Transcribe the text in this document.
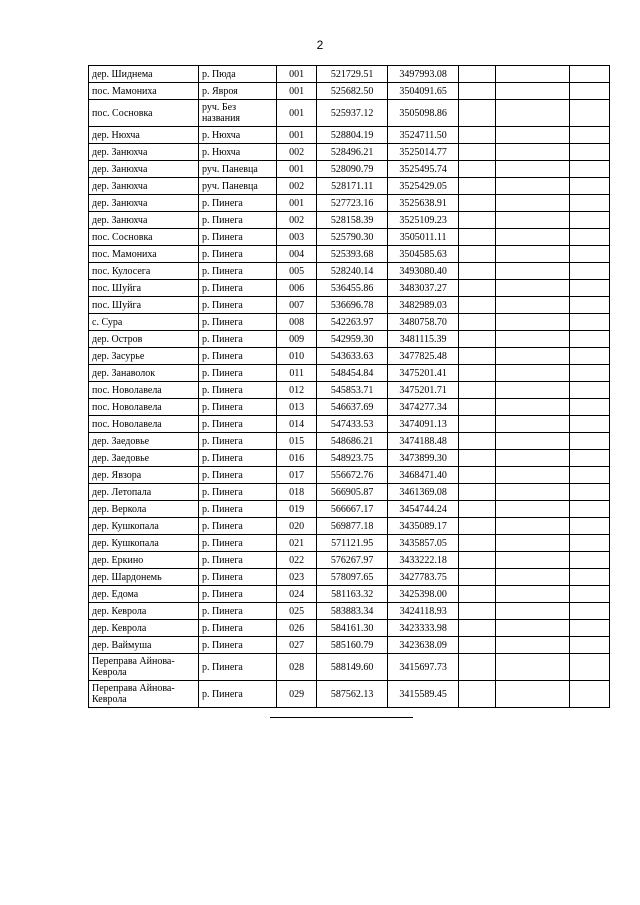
2
дер. Шиднема	р. Пюда	001	521729.51	3497993.08			
пос. Мамониха	р. Явроя	001	525682.50	3504091.65			
пос. Сосновка	руч. Без названия	001	525937.12	3505098.86			
дер. Нюхча	р. Нюхча	001	528804.19	3524711.50			
дер. Занюхча	р. Нюхча	002	528496.21	3525014.77			
дер. Занюхча	руч. Паневца	001	528090.79	3525495.74			
дер. Занюхча	руч. Паневца	002	528171.11	3525429.05			
дер. Занюхча	р. Пинега	001	527723.16	3525638.91			
дер. Занюхча	р. Пинега	002	528158.39	3525109.23			
пос. Сосновка	р. Пинега	003	525790.30	3505011.11			
пос. Мамониха	р. Пинега	004	525393.68	3504585.63			
пос. Кулосега	р. Пинега	005	528240.14	3493080.40			
пос. Шуйга	р. Пинега	006	536455.86	3483037.27			
пос. Шуйга	р. Пинега	007	536696.78	3482989.03			
с. Сура	р. Пинега	008	542263.97	3480758.70			
дер. Остров	р. Пинега	009	542959.30	3481115.39			
дер. Засурье	р. Пинега	010	543633.63	3477825.48			
дер. Занаволок	р. Пинега	011	548454.84	3475201.41			
пос. Новолавела	р. Пинега	012	545853.71	3475201.71			
пос. Новолавела	р. Пинега	013	546637.69	3474277.34			
пос. Новолавела	р. Пинега	014	547433.53	3474091.13			
дер. Заедовье	р. Пинега	015	548686.21	3474188.48			
дер. Заедовье	р. Пинега	016	548923.75	3473899.30			
дер. Явзора	р. Пинега	017	556672.76	3468471.40			
дер. Летопала	р. Пинега	018	566905.87	3461369.08			
дер. Веркола	р. Пинега	019	566667.17	3454744.24			
дер. Кушкопала	р. Пинега	020	569877.18	3435089.17			
дер. Кушкопала	р. Пинега	021	571121.95	3435857.05			
дер. Еркино	р. Пинега	022	576267.97	3433222.18			
дер. Шардонемь	р. Пинега	023	578097.65	3427783.75			
дер. Едома	р. Пинега	024	581163.32	3425398.00			
дер. Кеврола	р. Пинега	025	583883.34	3424118.93			
дер. Кеврола	р. Пинега	026	584161.30	3423333.98			
дер. Ваймуша	р. Пинега	027	585160.79	3423638.09			
Переправа Айнова-Кеврола	р. Пинега	028	588149.60	3415697.73			
Переправа Айнова-Кеврола	р. Пинега	029	587562.13	3415589.45			
